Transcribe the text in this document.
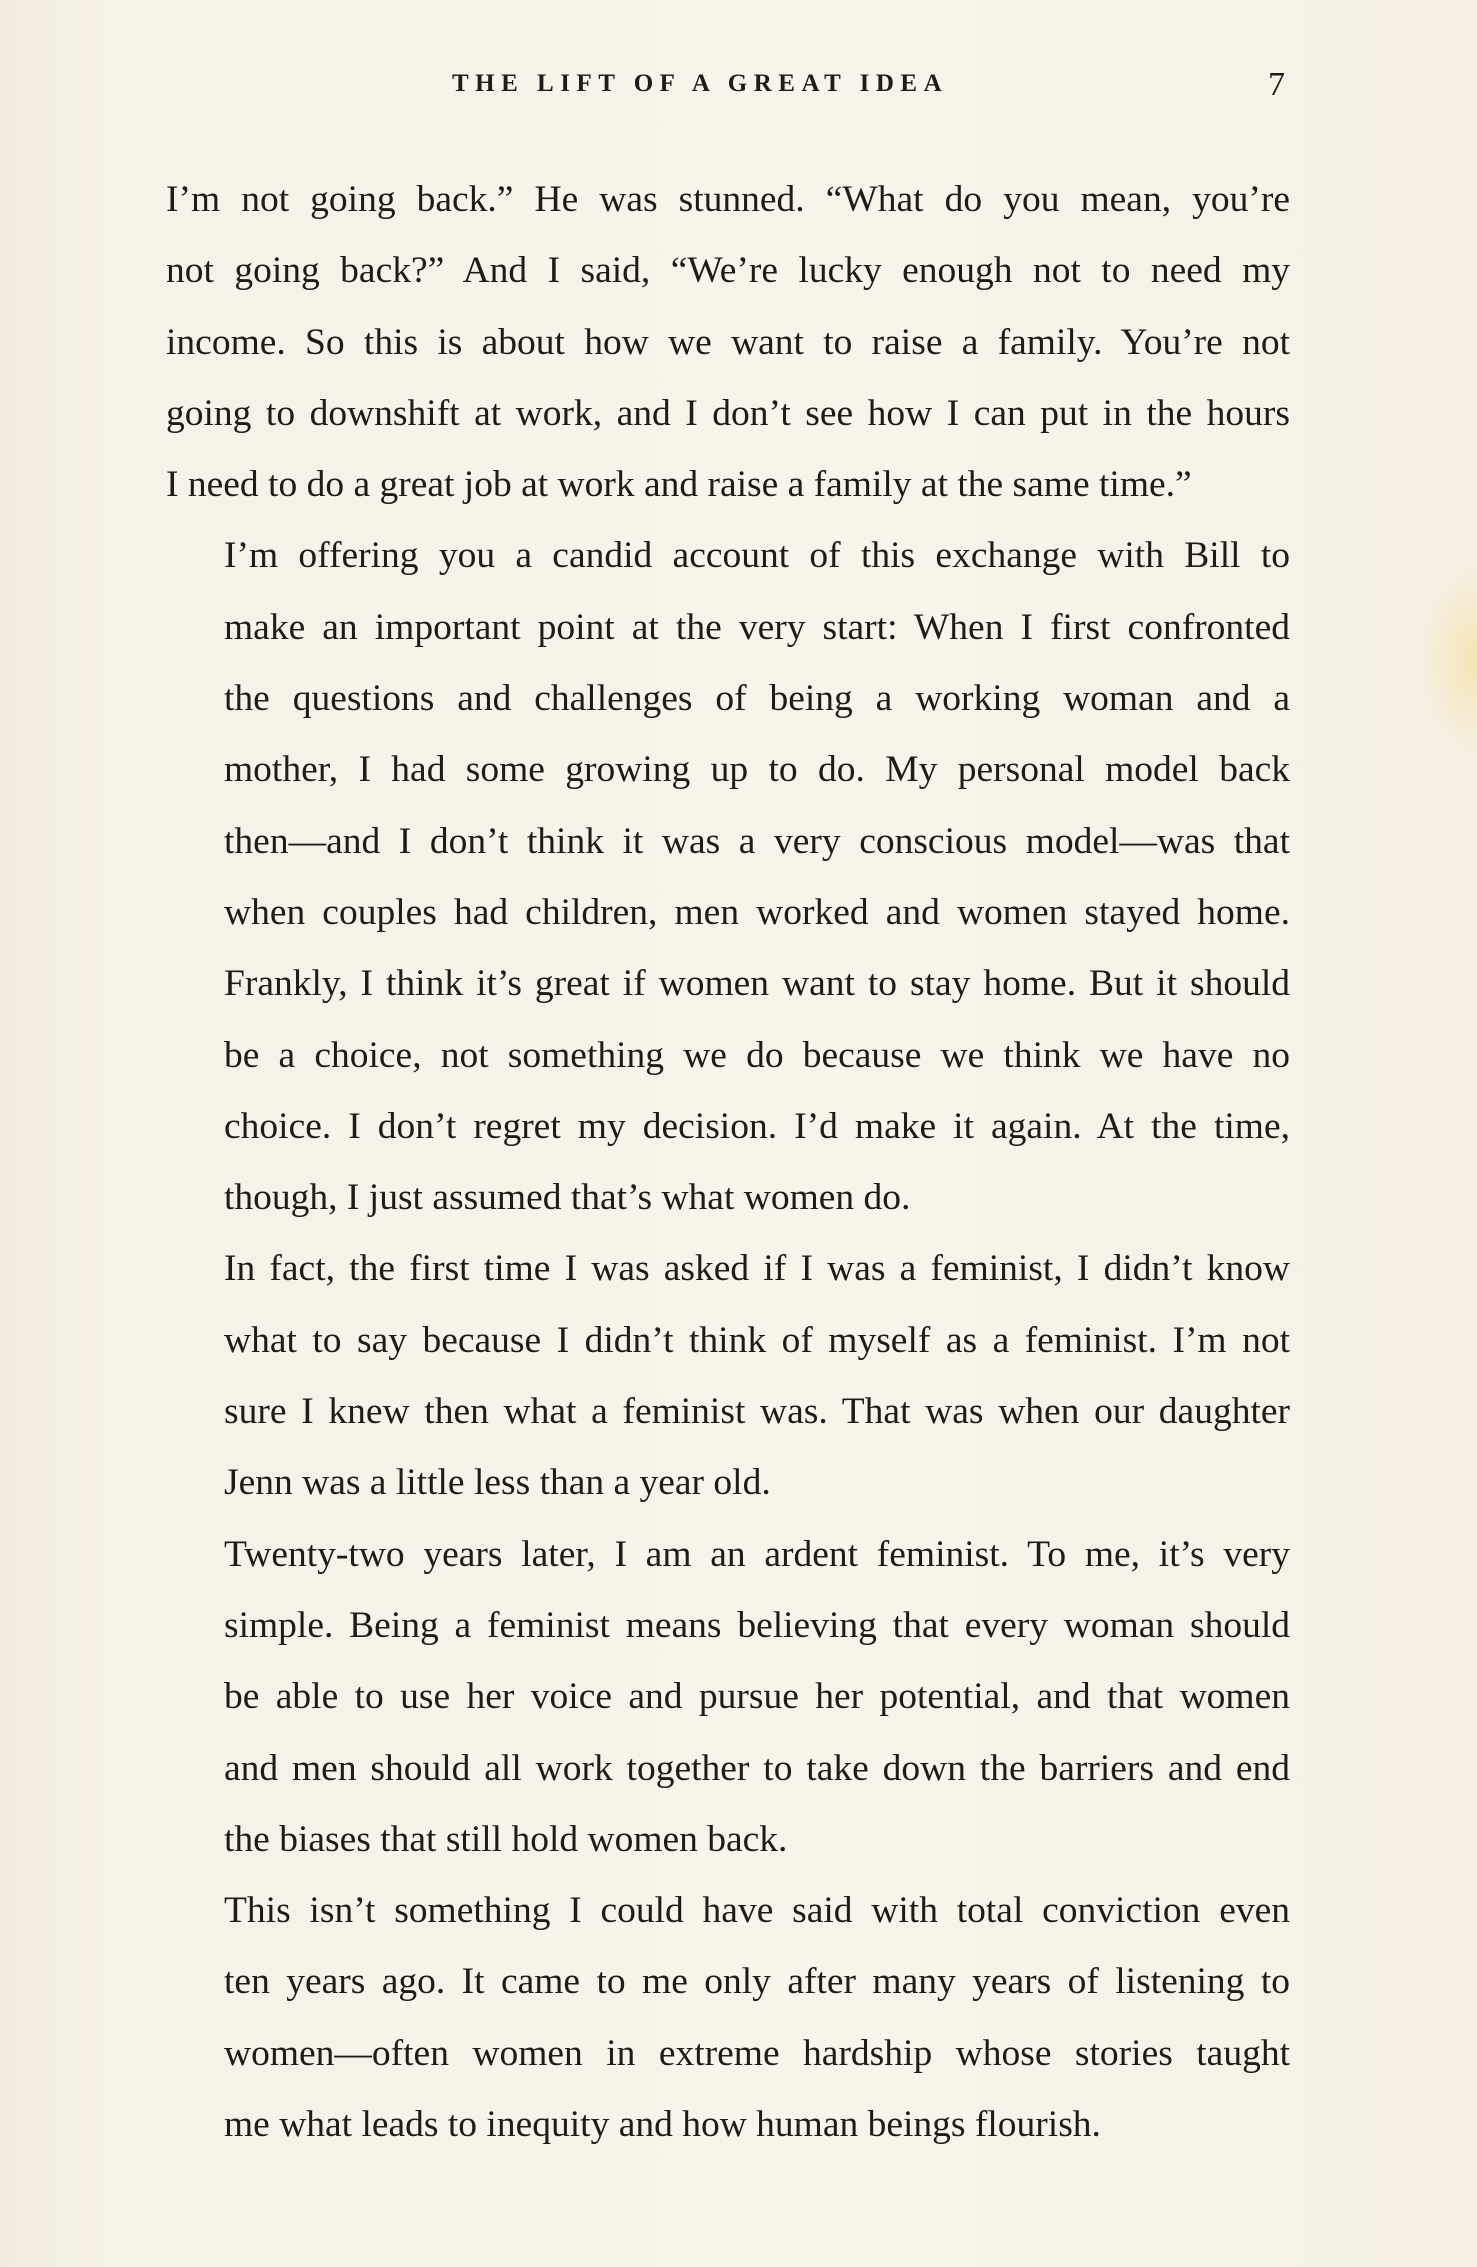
THE LIFT OF A GREAT IDEA	7

I’m not going back.” He was stunned. “What do you mean, you’re
not going back?” And I said, “We’re lucky enough not to need my
income. So this is about how we want to raise a family. You’re not
going to downshift at work, and I don’t see how I can put in the hours
I need to do a great job at work and raise a family at the same time.”

I’m offering you a candid account of this exchange with Bill to
make an important point at the very start: When I first confronted
the questions and challenges of being a working woman and a
mother, I had some growing up to do. My personal model back
then—and I don’t think it was a very conscious model—was that
when couples had children, men worked and women stayed home.
Frankly, I think it’s great if women want to stay home. But it should
be a choice, not something we do because we think we have no
choice. I don’t regret my decision. I’d make it again. At the time,
though, I just assumed that’s what women do.

In fact, the first time I was asked if I was a feminist, I didn’t know
what to say because I didn’t think of myself as a feminist. I’m not
sure I knew then what a feminist was. That was when our daughter
Jenn was a little less than a year old.

Twenty-two years later, I am an ardent feminist. To me, it’s very
simple. Being a feminist means believing that every woman should
be able to use her voice and pursue her potential, and that women
and men should all work together to take down the barriers and end
the biases that still hold women back.

This isn’t something I could have said with total conviction even
ten years ago. It came to me only after many years of listening to
women—often women in extreme hardship whose stories taught
me what leads to inequity and how human beings flourish.
